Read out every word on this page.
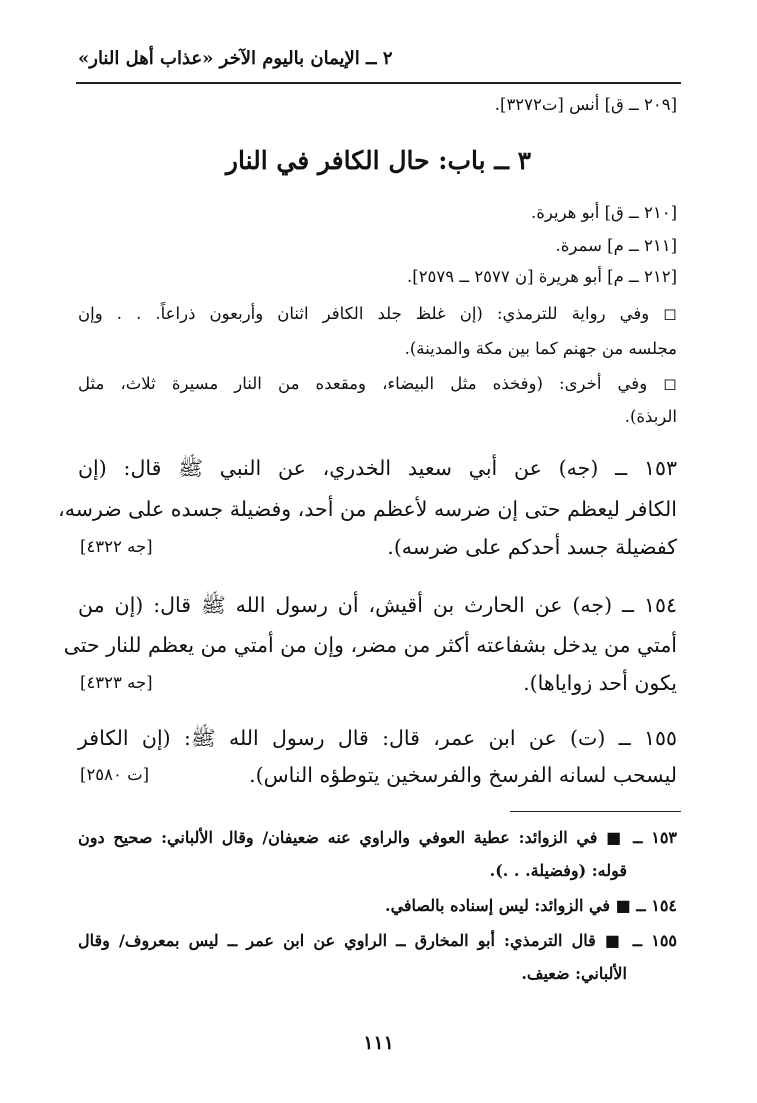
٢ ــ الإيمان باليوم الآخر «عذاب أهل النار»
[٢٠٩ ــ ق] أنس [ت٣٢٧٢].
٣ ــ باب: حال الكافر في النار
[٢١٠ ــ ق] أبو هريرة.
[٢١١ ــ م] سمرة.
[٢١٢ ــ م] أبو هريرة [ن ٢٥٧٧ ــ ٢٥٧٩].
◻ وفي رواية للترمذي: (إن غلظ جلد الكافر اثنان وأربعون ذراعاً. . . وإن
مجلسه من جهنم كما بين مكة والمدينة).
◻ وفي أخرى: (وفخذه مثل البيضاء، ومقعده من النار مسيرة ثلاث، مثل
الربذة).
١٥٣ ــ (جه) عن أبي سعيد الخدري، عن النبي ﷺ قال: (إن
الكافر ليعظم حتى إن ضرسه لأعظم من أحد، وفضيلة جسده على ضرسه،
كفضيلة جسد أحدكم على ضرسه).
[جه ٤٣٢٢]
١٥٤ ــ (جه) عن الحارث بن أقيش، أن رسول الله ﷺ قال: (إن من
أمتي من يدخل بشفاعته أكثر من مضر، وإن من أمتي من يعظم للنار حتى
يكون أحد زواياها).
[جه ٤٣٢٣]
١٥٥ ــ (ت) عن ابن عمر، قال: قال رسول الله ﷺ: (إن الكافر
ليسحب لسانه الفرسخ والفرسخين يتوطؤه الناس).
[ت ٢٥٨٠]
١٥٣ ــ ■ في الزوائد: عطية العوفي والراوي عنه ضعيفان/ وقال الألباني: صحيح دون
قوله: (وفضيلة. . .).
١٥٤ ــ ■ في الزوائد: ليس إسناده بالصافي.
١٥٥ ــ ■ قال الترمذي: أبو المخارق ــ الراوي عن ابن عمر ــ ليس بمعروف/ وقال
الألباني: ضعيف.
١١١
